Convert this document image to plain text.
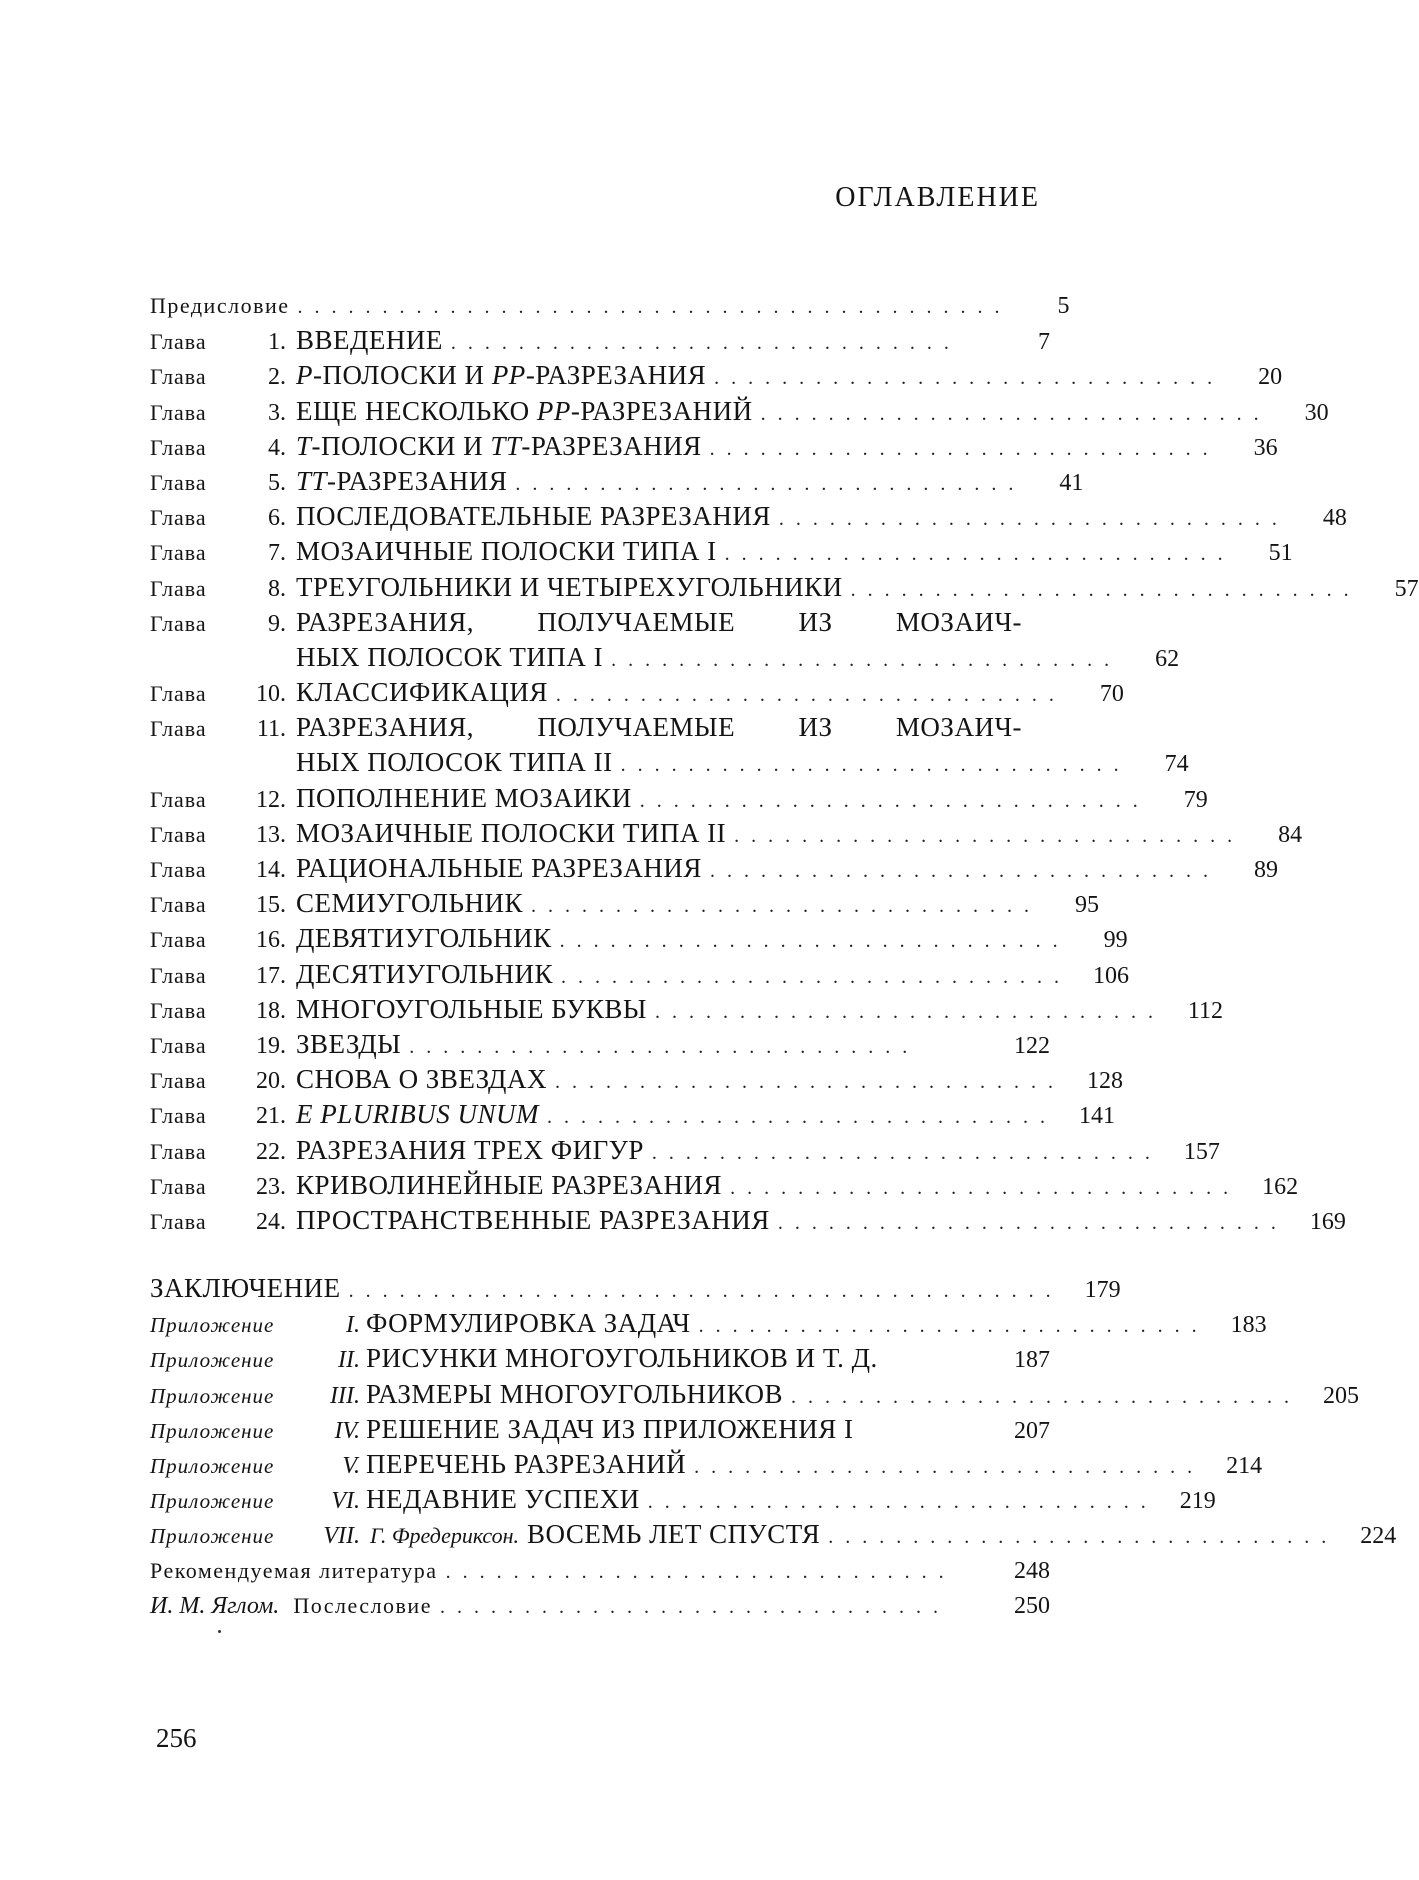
ОГЛАВЛЕНИЕ
Предисловие ..........................................	5
Глава	1. ВВЕДЕНИЕ ..............................	7
Глава	2. Р-ПОЛОСКИ И РР-РАЗРЕЗАНИЯ ..............................	20
Глава	3. ЕЩЕ НЕСКОЛЬКО РР-РАЗРЕЗАНИЙ ..............................	30
Глава	4. Т-ПОЛОСКИ И ТТ-РАЗРЕЗАНИЯ ..............................	36
Глава	5. ТТ-РАЗРЕЗАНИЯ ..............................	41
Глава	6. ПОСЛЕДОВАТЕЛЬНЫЕ РАЗРЕЗАНИЯ ..............................	48
Глава	7. МОЗАИЧНЫЕ ПОЛОСКИ ТИПА I ..............................	51
Глава	8. ТРЕУГОЛЬНИКИ И ЧЕТЫРЕХУГОЛЬНИКИ ..............................	57
Глава	9. РАЗРЕЗАНИЯ, ПОЛУЧАЕМЫЕ ИЗ МОЗАИЧ-
НЫХ ПОЛОСОК ТИПА I ..............................	62
Глава	10. КЛАССИФИКАЦИЯ ..............................	70
Глава	11. РАЗРЕЗАНИЯ, ПОЛУЧАЕМЫЕ ИЗ МОЗАИЧ-
НЫХ ПОЛОСОК ТИПА II ..............................	74
Глава	12. ПОПОЛНЕНИЕ МОЗАИКИ ..............................	79
Глава	13. МОЗАИЧНЫЕ ПОЛОСКИ ТИПА II ..............................	84
Глава	14. РАЦИОНАЛЬНЫЕ РАЗРЕЗАНИЯ ..............................	89
Глава	15. СЕМИУГОЛЬНИК ..............................	95
Глава	16. ДЕВЯТИУГОЛЬНИК ..............................	99
Глава	17. ДЕСЯТИУГОЛЬНИК .............................. 106
Глава	18. МНОГОУГОЛЬНЫЕ БУКВЫ .............................. 112
Глава	19. ЗВЕЗДЫ ..............................	122
Глава	20. СНОВА О ЗВЕЗДАХ .............................. 128
Глава	21. E PLURIBUS UNUM .............................. 141
Глава	22. РАЗРЕЗАНИЯ ТРЕХ ФИГУР .............................. 157
Глава	23. КРИВОЛИНЕЙНЫЕ РАЗРЕЗАНИЯ .............................. 162
Глава	24. ПРОСТРАНСТВЕННЫЕ РАЗРЕЗАНИЯ .............................. 169
ЗАКЛЮЧЕНИЕ .......................................... 179
Приложение	I. ФОРМУЛИРОВКА ЗАДАЧ .............................. 183
Приложение	II. РИСУНКИ МНОГОУГОЛЬНИКОВ И Т. Д.	187
Приложение	III. РАЗМЕРЫ МНОГОУГОЛЬНИКОВ .............................. 205
Приложение	IV. РЕШЕНИЕ ЗАДАЧ ИЗ ПРИЛОЖЕНИЯ I	207
Приложение	V. ПЕРЕЧЕНЬ РАЗРЕЗАНИЙ .............................. 214
Приложение	VI. НЕДАВНИЕ УСПЕХИ .............................. 219
Приложение	VII. Г. Фредериксон. ВОСЕМЬ ЛЕТ СПУСТЯ .............................. 224
Рекомендуемая литература ..............................	248
И. М. Яглом. Послесловие ..............................	250
256
